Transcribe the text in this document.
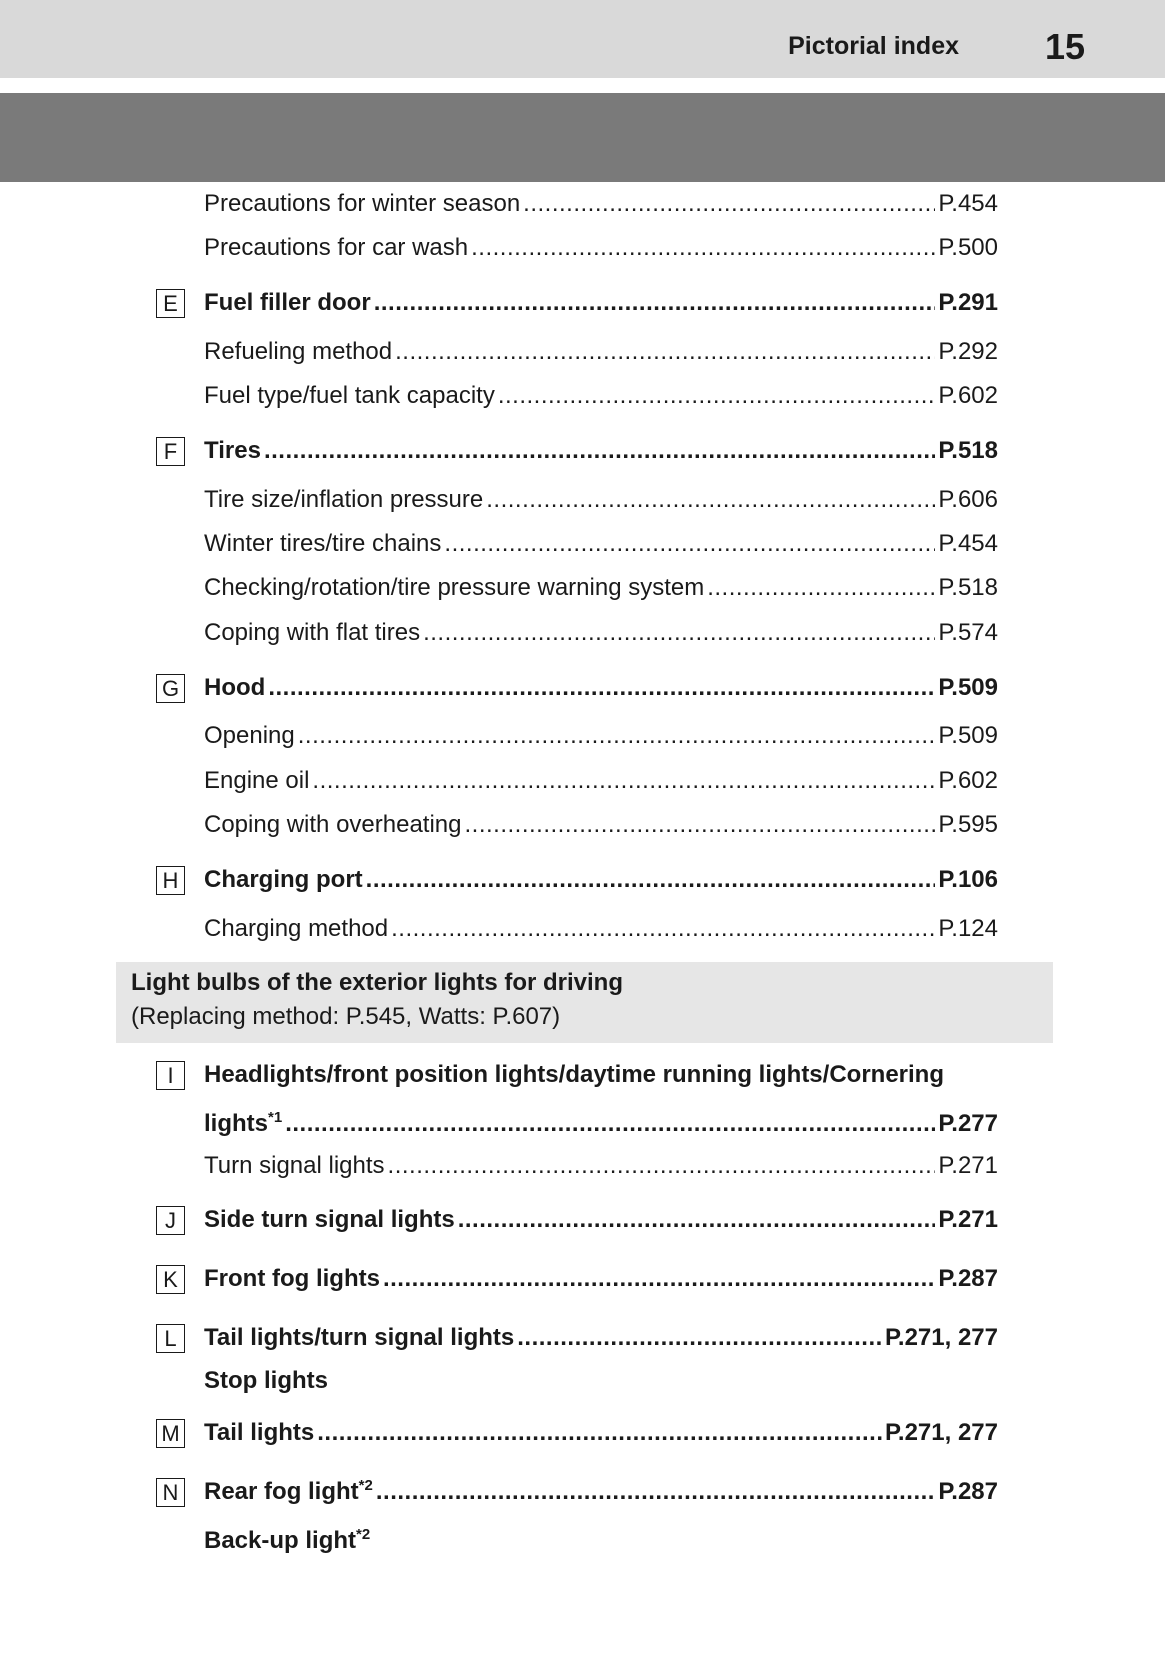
Pictorial index 15
Precautions for winter season .....	P.454
Precautions for car wash .....	P.500
E Fuel filler door .....	P.291
Refueling method .....	P.292
Fuel type/fuel tank capacity .....	P.602
F	Tires .....	P.518
Tire size/inflation pressure .....	P.606
Winter tires/tire chains .....	P.454
Checking/rotation/tire pressure warning system .....	P.518
Coping with flat tires .....	P.574
G Hood .....	P.509
Opening .....	P.509
Engine oil .....	P.602
Coping with overheating .....	P.595
H Charging port .....	P.106
Charging method .....	P.124
Light bulbs of the exterior lights for driving
(Replacing method: P.545, Watts: P.607)
I	Headlights/front position lights/daytime running lights/Cornering
lights$^{*1}$ .....	P.277
Turn signal lights .....	P.271
J	Side turn signal lights .....	P.271
K Front fog lights .....	P.287
L	Tail lights/turn signal lights .....	P.271, 277
Stop lights
M Tail lights .....	P.271, 277
N Rear fog light$^{*2}$ .....	P.287
Back-up light$^{*2}$
